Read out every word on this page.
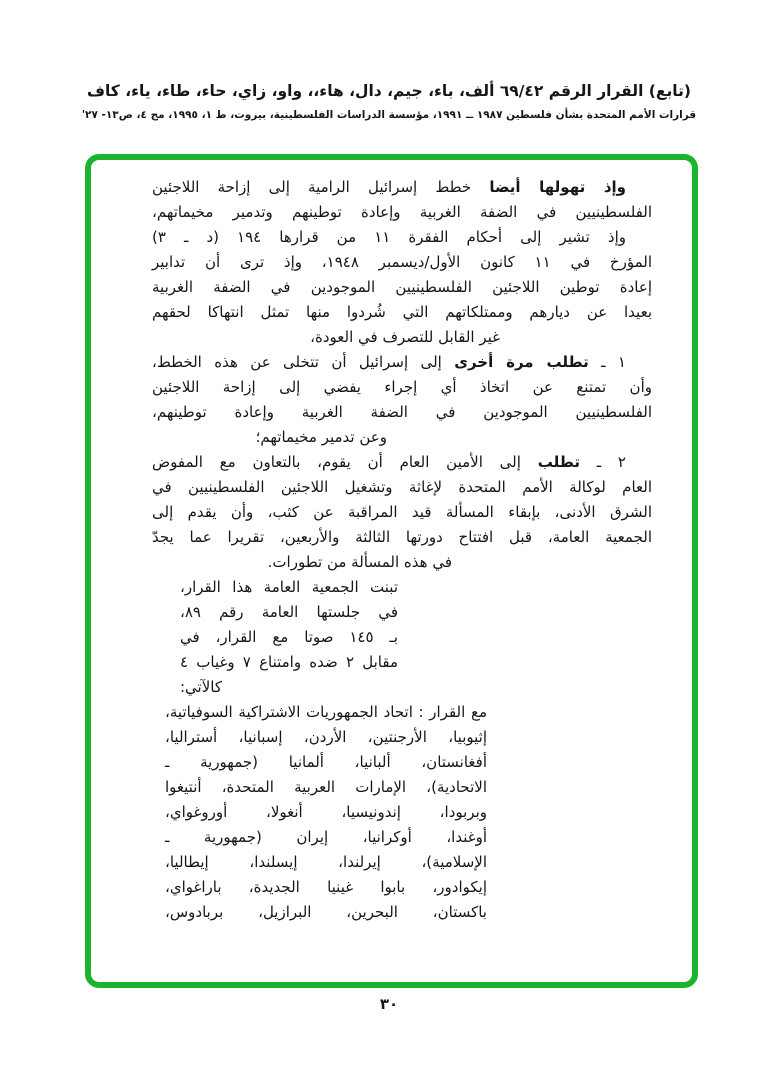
(تابع) القرار الرقم ٦٩/٤٢ ألف، باء، جيم، دال، هاء،، واو، زاي، حاء، طاء، ياء، كاف
قرارات الأمم المتحدة بشأن فلسطين ١٩٨٧ ــ ١٩٩١، مؤسسة الدراسات الفلسطينية، بيروت، ط ١، ١٩٩٥، مج ٤، ص١٣- ٢٧'
وإذ تهولها أيضا خطط إسرائيل الرامية إلى إزاحة اللاجئين
الفلسطينيين في الضفة الغربية وإعادة توطينهم وتدمير مخيماتهم،
وإذ تشير إلى أحكام الفقرة ١١ من قرارها ١٩٤ (د ـ ٣)
المؤرخ في ١١ كانون الأول/ديسمبر ١٩٤٨، وإذ ترى أن تدابير
إعادة توطين اللاجئين الفلسطينيين الموجودين في الضفة الغربية
بعيدا عن ديارهم وممتلكاتهم التي شُردوا منها تمثل انتهاكا لحقهم
غير القابل للتصرف في العودة،
١ ـ تطلب مرة أخرى إلى إسرائيل أن تتخلى عن هذه الخطط،
وأن تمتنع عن اتخاذ أي إجراء يفضي إلى إزاحة اللاجئين
الفلسطينيين الموجودين في الضفة الغربية وإعادة توطينهم،
وعن تدمير مخيماتهم؛
٢ ـ تطلب إلى الأمين العام أن يقوم، بالتعاون مع المفوض
العام لوكالة الأمم المتحدة لإغاثة وتشغيل اللاجئين الفلسطينيين في
الشرق الأدنى، بإبقاء المسألة قيد المراقبة عن كثب، وأن يقدم إلى
الجمعية العامة، قبل افتتاح دورتها الثالثة والأربعين، تقريرا عما يجدّ
في هذه المسألة من تطورات.
تبنت الجمعية العامة هذا القرار،
في جلستها العامة رقم ٨٩،
بـ ١٤٥ صوتا مع القرار، في
مقابل ٢ ضده وامتناع ٧ وغياب ٤
كالآتي:
مع القرار : اتحاد الجمهوريات الاشتراكية السوفياتية،
إثيوبيا، الأرجنتين، الأردن، إسبانيا، أستراليا،
أفغانستان، ألبانيا، ألمانيا (جمهورية ـ
الاتحادية)، الإمارات العربية المتحدة، أنتيغوا
وبربودا، إندونيسيا، أنغولا، أوروغواي،
أوغندا، أوكرانيا، إيران (جمهورية ـ
الإسلامية)، إيرلندا، إيسلندا، إيطاليا،
إيكوادور، بابوا غينيا الجديدة، باراغواي،
باكستان، البحرين، البرازيل، بربادوس،
٣٠
